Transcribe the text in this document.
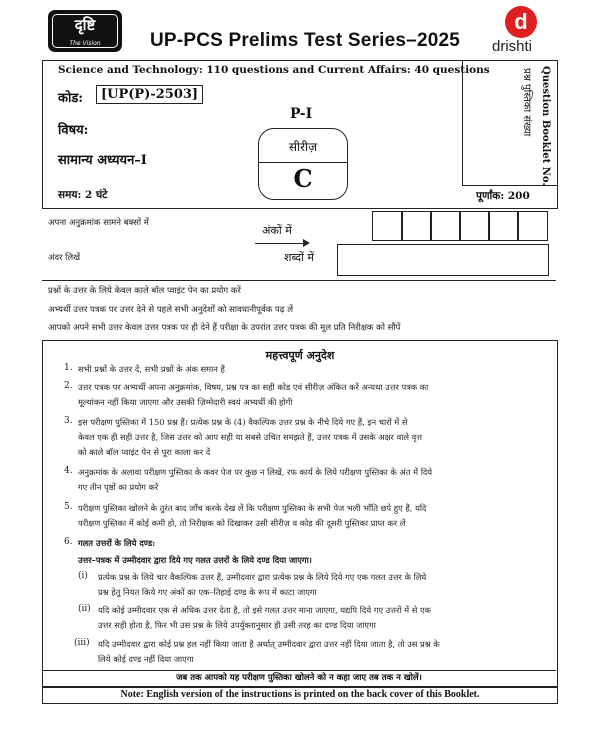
दृष्टि
The Vision	UP-PCS Prelims Test Series–2025
d
drishti
Question Booklet No.
प्रश्न पुस्तिका संख्या
Science and Technology: 110 questions and Current Affairs: 40 questions
कोड:	[UP(P)-2503]
विषय:
सामान्य अध्ययन–I
P-I
सीरीज़
C
समय: 2 घंटे	पूर्णांक: 200
अपना अनुक्रमांक सामने बक्सों में
अंदर लिखें
अंकों में
शब्दों में
प्रश्नों के उत्तर के लिये केवल काले बॉल प्वाइंट पेन का प्रयोग करें
अभ्यर्थी उत्तर पत्रक पर उत्तर देने से पहले सभी अनुदेशों को सावधानीपूर्वक पढ़ लें
आपको अपने सभी उत्तर केवल उत्तर पत्रक पर ही देने हैं परीक्षा के उपरांत उत्तर पत्रक की मूल प्रति निरीक्षक को सौंपें
महत्त्वपूर्ण अनुदेश
1. सभी प्रश्नों के उत्तर दें, सभी प्रश्नों के अंक समान हैं
2. उत्तर पत्रक पर अभ्यर्थी अपना अनुक्रमांक, विषय, प्रश्न पत्र का सही कोड एवं सीरीज़ अंकित करें अन्यथा उत्तर पत्रक का
मूल्यांकन नहीं किया जाएगा और उसकी ज़िम्मेदारी स्वयं अभ्यर्थी की होगी
3. इस परीक्षण पुस्तिका में 150 प्रश्न हैं। प्रत्येक प्रश्न के (4) वैकल्पिक उत्तर प्रश्न के नीचे दिये गए हैं, इन चारों में से
केवल एक ही सही उत्तर है, जिस उत्तर को आप सही या सबसे उचित समझते हैं, उत्तर पत्रक में उसके अक्षर वाले वृत्त
को काले बॉल प्वाइंट पेन से पूरा काला कर दें
4. अनुक्रमांक के अलावा परीक्षण पुस्तिका के कवर पेज पर कुछ न लिखें, रफ कार्य के लिये परीक्षण पुस्तिका के अंत में दिये
गए तीन पृष्ठों का प्रयोग करें
5. परीक्षण पुस्तिका खोलने के तुरंत बाद जाँच करके देख लें कि परीक्षण पुस्तिका के सभी पेज भली भाँति छपे हुए हैं, यदि
परीक्षण पुस्तिका में कोई कमी हो, तो निरीक्षक को दिखाकर उसी सीरीज़ व कोड की दूसरी पुस्तिका प्राप्त कर लें
6. गलत उत्तरों के लिये दण्ड:
उत्तर–पत्रक में उम्मीदवार द्वारा दिये गए गलत उत्तरों के लिये दण्ड दिया जाएगा।
(i) प्रत्येक प्रश्न के लिये चार वैकल्पिक उत्तर हैं, उम्मीदवार द्वारा प्रत्येक प्रश्न के लिये दिये गए एक गलत उत्तर के लिये
प्रश्न हेतु नियत किये गए अंकों का एक–तिहाई दण्ड के रूप में काटा जाएगा
(ii) यदि कोई उम्मीदवार एक से अधिक उत्तर देता है, तो इसे गलत उत्तर माना जाएगा, यद्यपि दिये गए उत्तरों में से एक
उत्तर सही होता है, फिर भी उस प्रश्न के लिये उपर्युक्तानुसार ही उसी तरह का दण्ड दिया जाएगा
(iii) यदि उम्मीदवार द्वारा कोई प्रश्न हल नहीं किया जाता है अर्थात् उम्मीदवार द्वारा उत्तर नहीं दिया जाता है, तो उस प्रश्न के
लिये कोई दण्ड नहीं दिया जाएगा
जब तक आपको यह परीक्षण पुस्तिका खोलने को न कहा जाए तब तक न खोलें।
Note: English version of the instructions is printed on the back cover of this Booklet.
